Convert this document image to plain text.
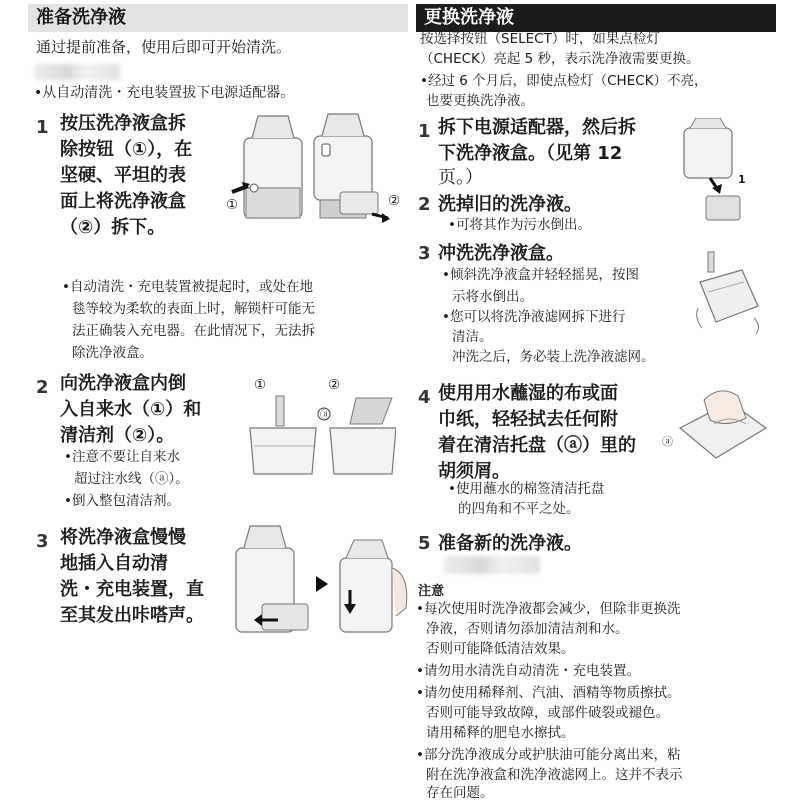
准备洗净液
通过提前准备，使用后即可开始清洗。
•从自动清洗・充电装置拔下电源适配器。
1 按压洗净液盒拆
除按钮（①），在
坚硬、平坦的表
面上将洗净液盒
（②）拆下。
①	②
•自动清洗・充电装置被提起时，或处在地
毯等较为柔软的表面上时，解锁杆可能无
法正确装入充电器。在此情况下，无法拆
除洗净液盒。
2 向洗净液盒内倒
入自来水（①）和
清洁剂（②）。
•注意不要让自来水
超过注水线（ⓐ）。
•倒入整包清洁剂。
①	②
ⓐ
3 将洗净液盒慢慢
地插入自动清
洗・充电装置，直
至其发出咔嗒声。
更换洗净液
按选择按钮（SELECT）时，如果点检灯
（CHECK）亮起 5 秒，表示洗净液需要更换。
•经过 6 个月后，即使点检灯（CHECK）不亮，
也要更换洗净液。
1 拆下电源适配器，然后拆
下洗净液盒。（见第 12
页。）	1
2 洗掉旧的洗净液。
•可将其作为污水倒出。
3 冲洗洗净液盒。
•倾斜洗净液盒并轻轻摇晃，按图
示将水倒出。
•您可以将洗净液滤网拆下进行
清洁。
冲洗之后，务必装上洗净液滤网。
4 使用用水蘸湿的布或面
巾纸，轻轻拭去任何附
着在清洁托盘（ⓐ）里的
胡须屑。
•使用蘸水的棉签清洁托盘
的四角和不平之处。
ⓐ
5 准备新的洗净液。
注意
•每次使用时洗净液都会减少，但除非更换洗
净液，否则请勿添加清洁剂和水。
否则可能降低清洁效果。
•请勿用水清洗自动清洗・充电装置。
•请勿使用稀释剂、汽油、酒精等物质擦拭。
否则可能导致故障，或部件破裂或褪色。
请用稀释的肥皂水擦拭。
•部分洗净液成分或护肤油可能分离出来，粘
附在洗净液盒和洗净液滤网上。这并不表示
存在问题。
